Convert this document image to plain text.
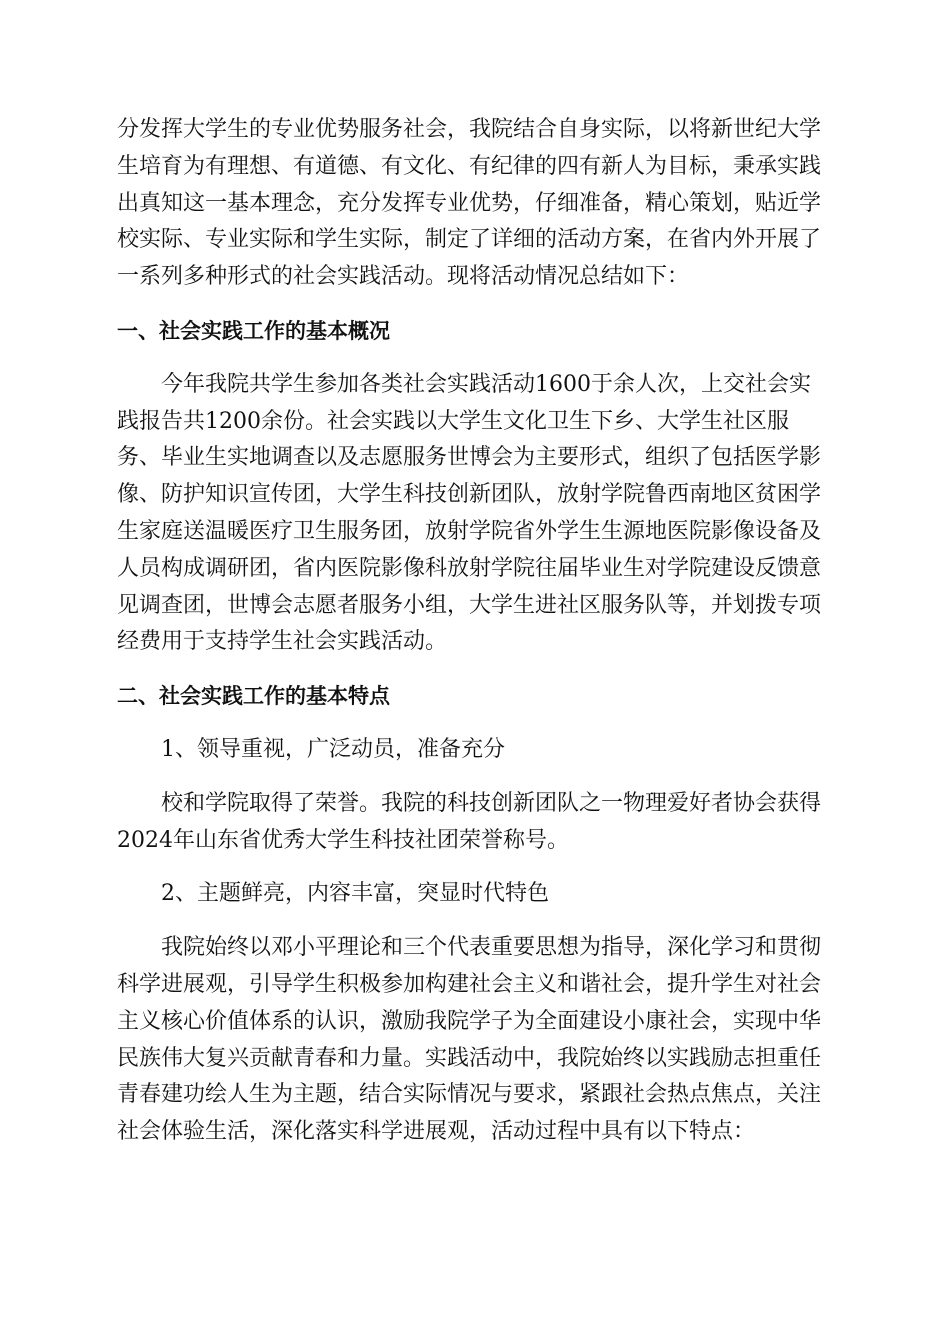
分发挥大学生的专业优势服务社会，我院结合自身实际，以将新世纪大学
生培育为有理想、有道德、有文化、有纪律的四有新人为目标，秉承实践
出真知这一基本理念，充分发挥专业优势，仔细准备，精心策划，贴近学
校实际、专业实际和学生实际，制定了详细的活动方案，在省内外开展了
一系列多种形式的社会实践活动。现将活动情况总结如下：
一、社会实践工作的基本概况
今年我院共学生参加各类社会实践活动1600于余人次，上交社会实
践报告共1200余份。社会实践以大学生文化卫生下乡、大学生社区服
务、毕业生实地调查以及志愿服务世博会为主要形式，组织了包括医学影
像、防护知识宣传团，大学生科技创新团队，放射学院鲁西南地区贫困学
生家庭送温暖医疗卫生服务团，放射学院省外学生生源地医院影像设备及
人员构成调研团，省内医院影像科放射学院往届毕业生对学院建设反馈意
见调查团，世博会志愿者服务小组，大学生进社区服务队等，并划拨专项
经费用于支持学生社会实践活动。
二、社会实践工作的基本特点
1、领导重视，广泛动员，准备充分
校和学院取得了荣誉。我院的科技创新团队之一物理爱好者协会获得
2024年山东省优秀大学生科技社团荣誉称号。
2、主题鲜亮，内容丰富，突显时代特色
我院始终以邓小平理论和三个代表重要思想为指导，深化学习和贯彻
科学进展观，引导学生积极参加构建社会主义和谐社会，提升学生对社会
主义核心价值体系的认识，激励我院学子为全面建设小康社会，实现中华
民族伟大复兴贡献青春和力量。实践活动中，我院始终以实践励志担重任
青春建功绘人生为主题，结合实际情况与要求，紧跟社会热点焦点，关注
社会体验生活，深化落实科学进展观，活动过程中具有以下特点：
